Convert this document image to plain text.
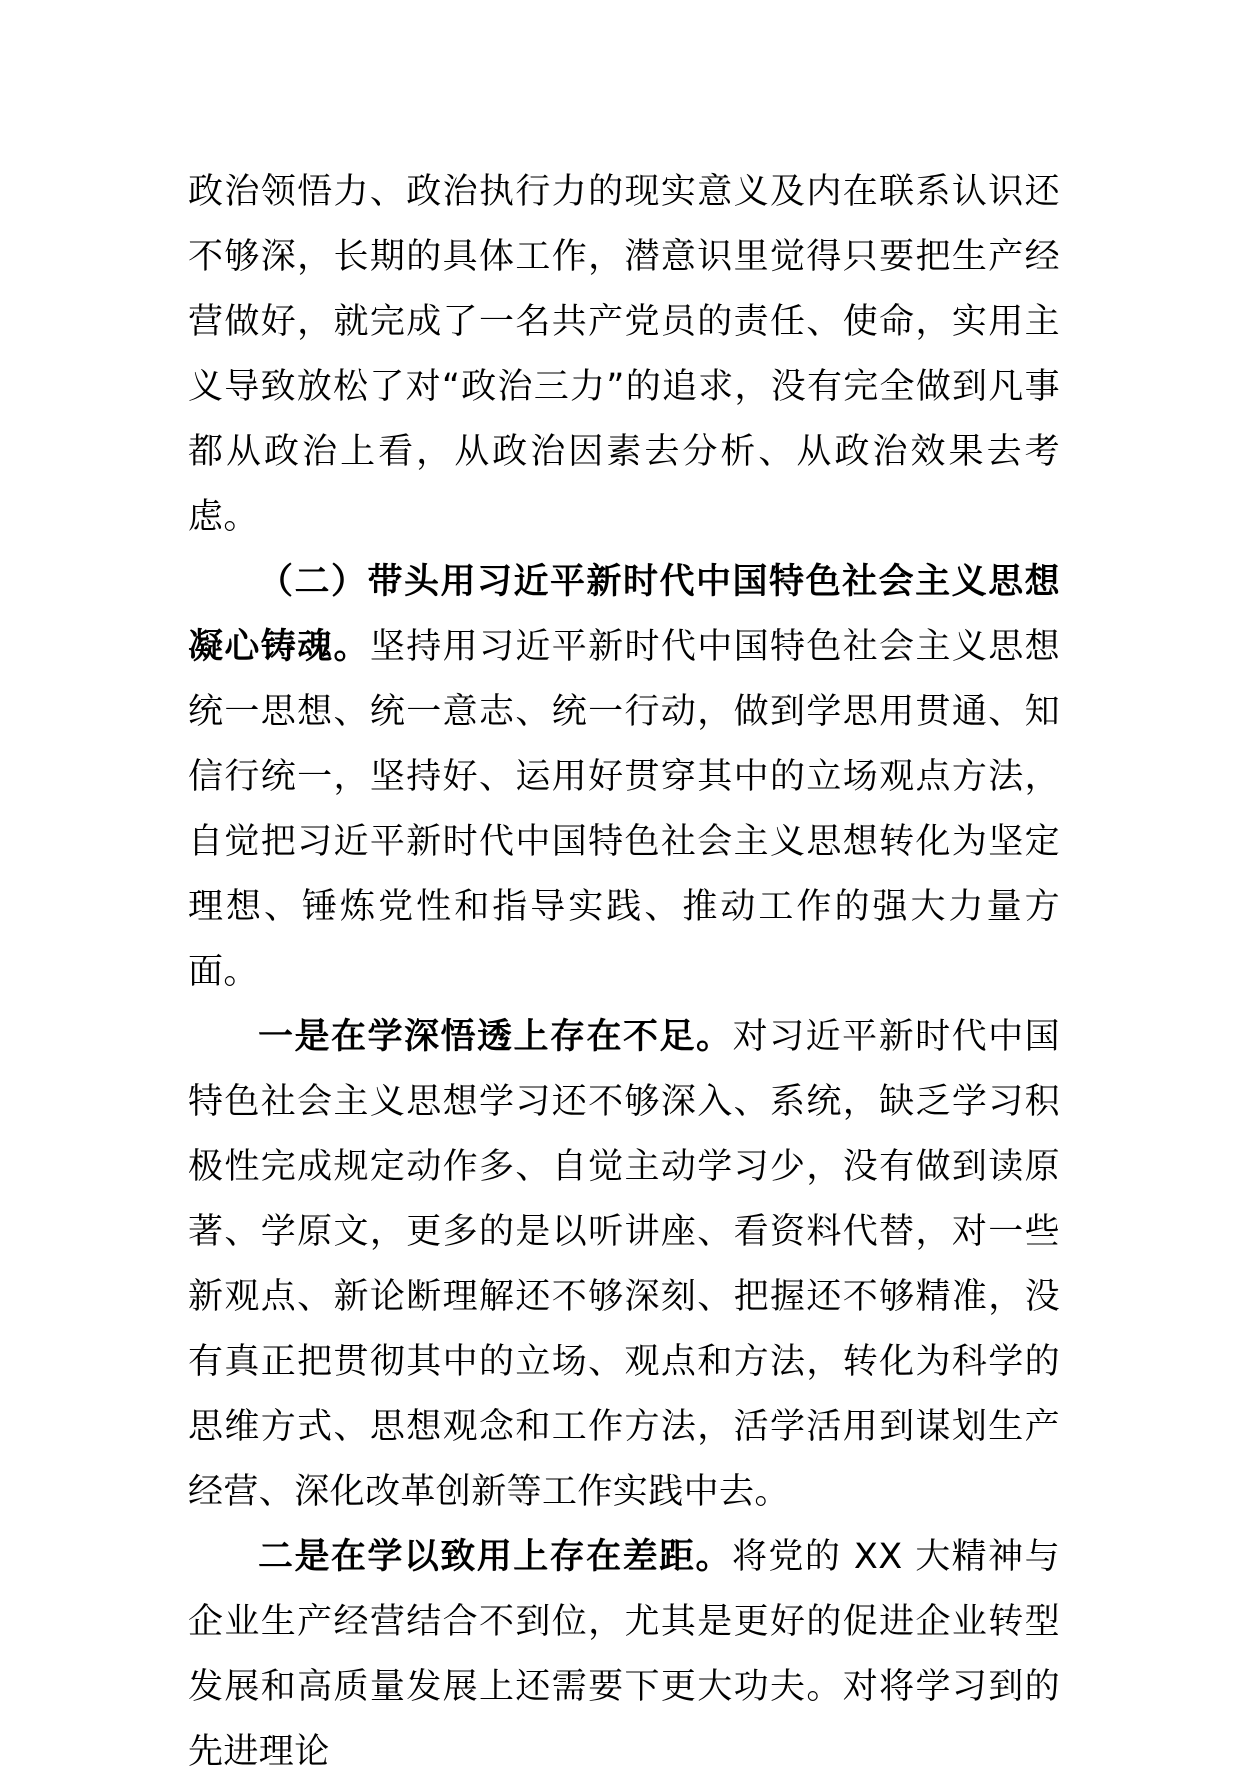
政治领悟力、政治执行力的现实意义及内在联系认识还不够深，长期的具体工作，潜意识里觉得只要把生产经营做好，就完成了一名共产党员的责任、使命，实用主义导致放松了对“政治三力”的追求，没有完全做到凡事都从政治上看，从政治因素去分析、从政治效果去考虑。

（二）带头用习近平新时代中国特色社会主义思想凝心铸魂。坚持用习近平新时代中国特色社会主义思想统一思想、统一意志、统一行动，做到学思用贯通、知信行统一，坚持好、运用好贯穿其中的立场观点方法，自觉把习近平新时代中国特色社会主义思想转化为坚定理想、锤炼党性和指导实践、推动工作的强大力量方面。

一是在学深悟透上存在不足。对习近平新时代中国特色社会主义思想学习还不够深入、系统，缺乏学习积极性完成规定动作多、自觉主动学习少，没有做到读原著、学原文，更多的是以听讲座、看资料代替，对一些新观点、新论断理解还不够深刻、把握还不够精准，没有真正把贯彻其中的立场、观点和方法，转化为科学的思维方式、思想观念和工作方法，活学活用到谋划生产经营、深化改革创新等工作实践中去。

二是在学以致用上存在差距。将党的 XX 大精神与企业生产经营结合不到位，尤其是更好的促进企业转型发展和高质量发展上还需要下更大功夫。对将学习到的先进理论
